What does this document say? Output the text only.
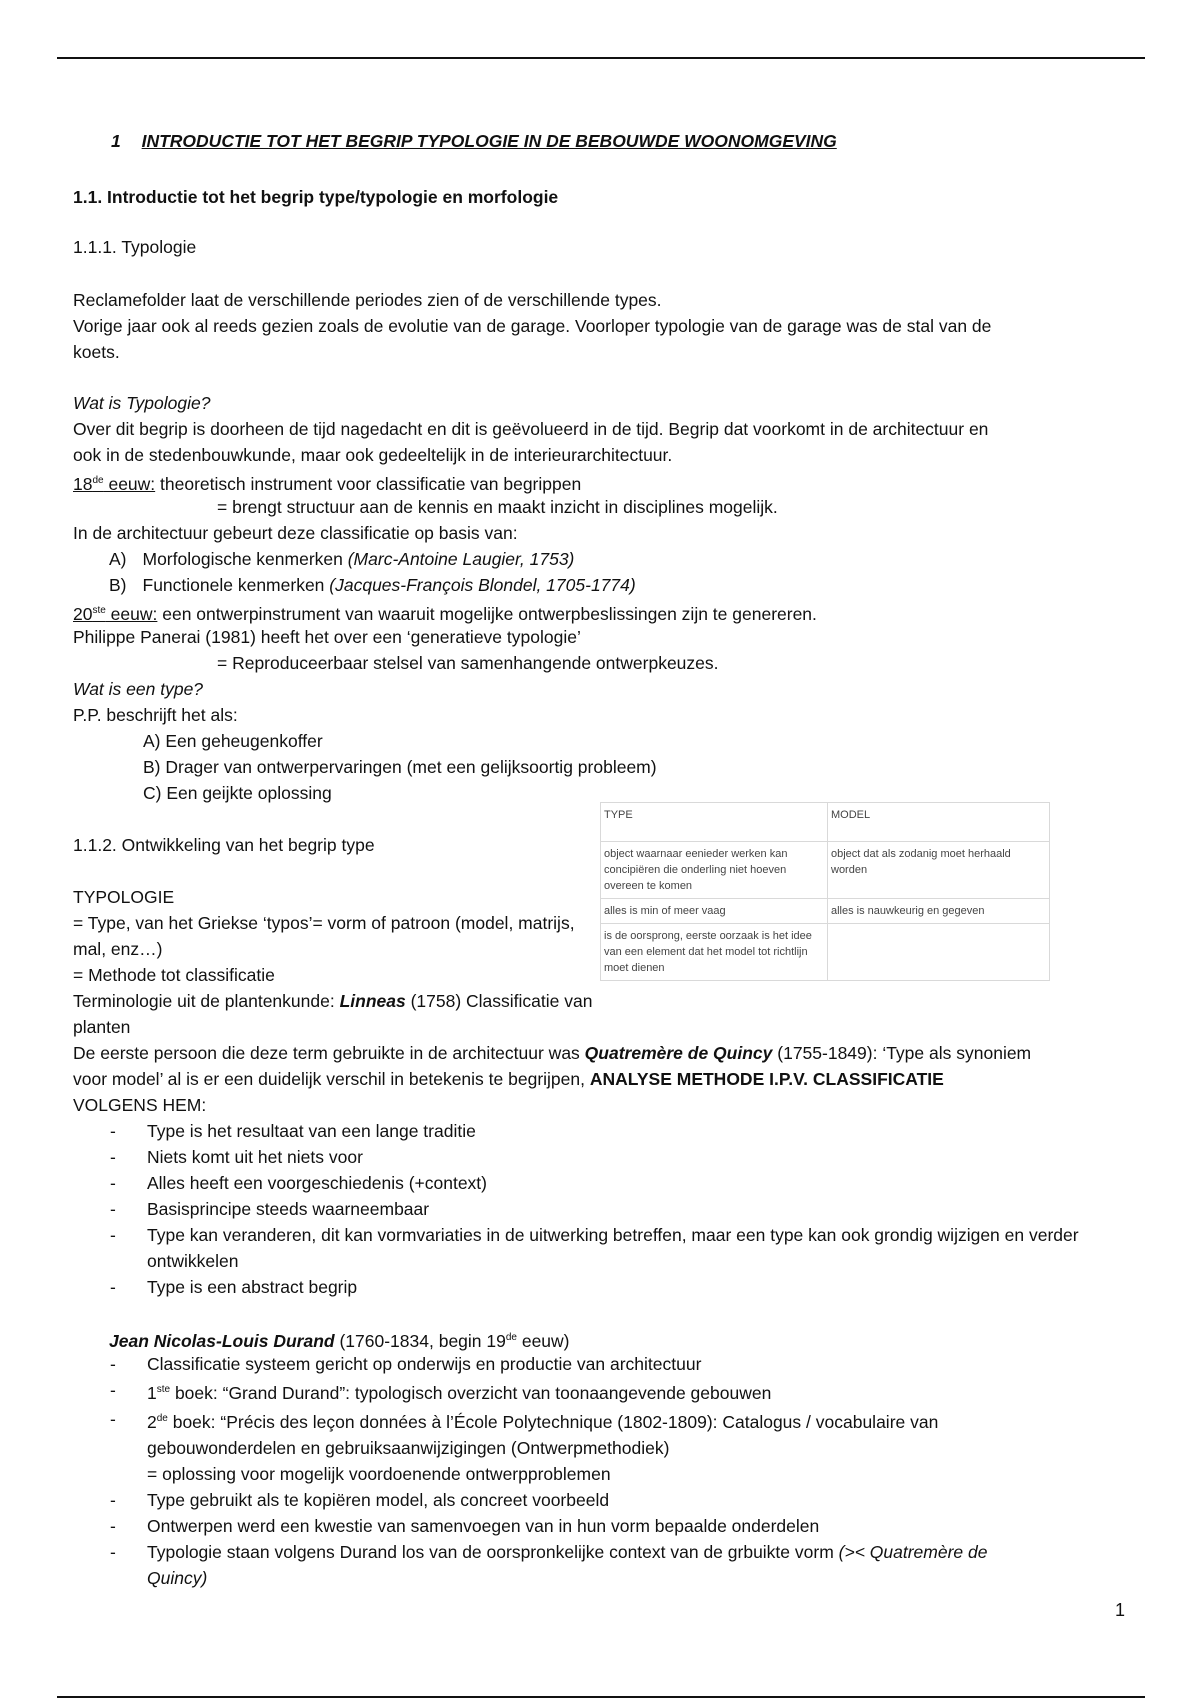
1 INTRODUCTIE TOT HET BEGRIP TYPOLOGIE IN DE BEBOUWDE WOONOMGEVING
1.1. Introductie tot het begrip type/typologie en morfologie
1.1.1. Typologie
Reclamefolder laat de verschillende periodes zien of de verschillende types.
Vorige jaar ook al reeds gezien zoals de evolutie van de garage. Voorloper typologie van de garage was de stal van de
koets.
Wat is Typologie?
Over dit begrip is doorheen de tijd nagedacht en dit is geëvolueerd in de tijd. Begrip dat voorkomt in de architectuur en
ook in de stedenbouwkunde, maar ook gedeeltelijk in de interieurarchitectuur.
18de eeuw: theoretisch instrument voor classificatie van begrippen
= brengt structuur aan de kennis en maakt inzicht in disciplines mogelijk.
In de architectuur gebeurt deze classificatie op basis van:
A) Morfologische kenmerken (Marc-Antoine Laugier, 1753)
B) Functionele kenmerken (Jacques-François Blondel, 1705-1774)
20ste eeuw: een ontwerpinstrument van waaruit mogelijke ontwerpbeslissingen zijn te genereren.
Philippe Panerai (1981) heeft het over een ‘generatieve typologie’
= Reproduceerbaar stelsel van samenhangende ontwerpkeuzes.
Wat is een type?
P.P. beschrijft het als:
A) Een geheugenkoffer
B) Drager van ontwerpervaringen (met een gelijksoortig probleem)
C) Een geijkte oplossing
1.1.2. Ontwikkeling van het begrip type
TYPOLOGIE
= Type, van het Griekse ‘typos’= vorm of patroon (model, matrijs,
mal, enz…)
= Methode tot classificatie
Terminologie uit de plantenkunde: Linneas (1758) Classificatie van
planten
De eerste persoon die deze term gebruikte in de architectuur was Quatremère de Quincy (1755-1849): ‘Type als synoniem
voor model’ al is er een duidelijk verschil in betekenis te begrijpen, ANALYSE METHODE I.P.V. CLASSIFICATIE
VOLGENS HEM:
- Type is het resultaat van een lange traditie
- Niets komt uit het niets voor
- Alles heeft een voorgeschiedenis (+context)
- Basisprincipe steeds waarneembaar
- Type kan veranderen, dit kan vormvariaties in de uitwerking betreffen, maar een type kan ook grondig wijzigen en verder ontwikkelen
- Type is een abstract begrip
Jean Nicolas-Louis Durand (1760-1834, begin 19de eeuw)
- Classificatie systeem gericht op onderwijs en productie van architectuur
- 1ste boek: “Grand Durand”: typologisch overzicht van toonaangevende gebouwen
- 2de boek: “Précis des leçon données à l’École Polytechnique (1802-1809): Catalogus / vocabulaire van
gebouwonderdelen en gebruiksaanwijzigingen (Ontwerpmethodiek)
= oplossing voor mogelijk voordoenende ontwerpproblemen
- Type gebruikt als te kopiëren model, als concreet voorbeeld
- Ontwerpen werd een kwestie van samenvoegen van in hun vorm bepaalde onderdelen
- Typologie staan volgens Durand los van de oorspronkelijke context van de grbuikte vorm (>< Quatremère de
Quincy)
TYPE	MODEL
object waarnaar eenieder werken kan concipiëren die onderling niet hoeven overeen te komen	object dat als zodanig moet herhaald worden
alles is min of meer vaag	alles is nauwkeurig en gegeven
is de oorsprong, eerste oorzaak is het idee van een element dat het model tot richtlijn moet dienen	
1
